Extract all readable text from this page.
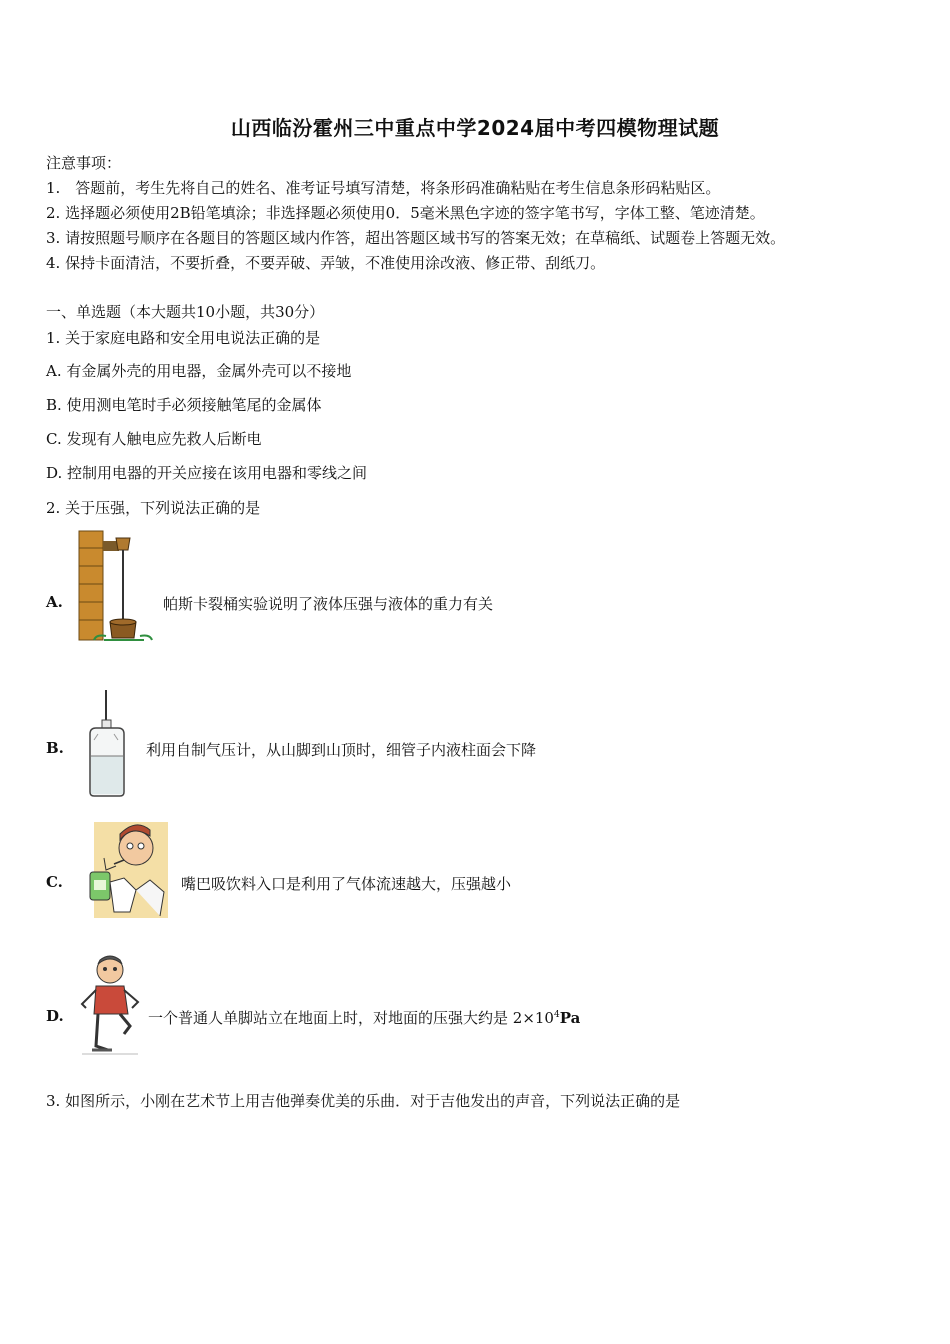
山西临汾霍州三中重点中学2024届中考四模物理试题
注意事项：
1.　答题前，考生先将自己的姓名、准考证号填写清楚，将条形码准确粘贴在考生信息条形码粘贴区。
2. 选择题必须使用2B铅笔填涂；非选择题必须使用0．5毫米黑色字迹的签字笔书写，字体工整、笔迹清楚。
3. 请按照题号顺序在各题目的答题区域内作答，超出答题区域书写的答案无效；在草稿纸、试题卷上答题无效。
4. 保持卡面清洁，不要折叠，不要弄破、弄皱，不准使用涂改液、修正带、刮纸刀。
一、单选题（本大题共10小题，共30分）
1. 关于家庭电路和安全用电说法正确的是
A. 有金属外壳的用电器，金属外壳可以不接地
B. 使用测电笔时手必须接触笔尾的金属体
C. 发现有人触电应先救人后断电
D. 控制用电器的开关应接在该用电器和零线之间
2. 关于压强，下列说法正确的是
A.	帕斯卡裂桶实验说明了液体压强与液体的重力有关
B.	利用自制气压计，从山脚到山顶时，细管子内液柱面会下降
C.	嘴巴吸饮料入口是利用了气体流速越大，压强越小
D.	一个普通人单脚站立在地面上时，对地面的压强大约是 $2\times 10^4Pa$
3. 如图所示，小刚在艺术节上用吉他弹奏优美的乐曲．对于吉他发出的声音，下列说法正确的是
